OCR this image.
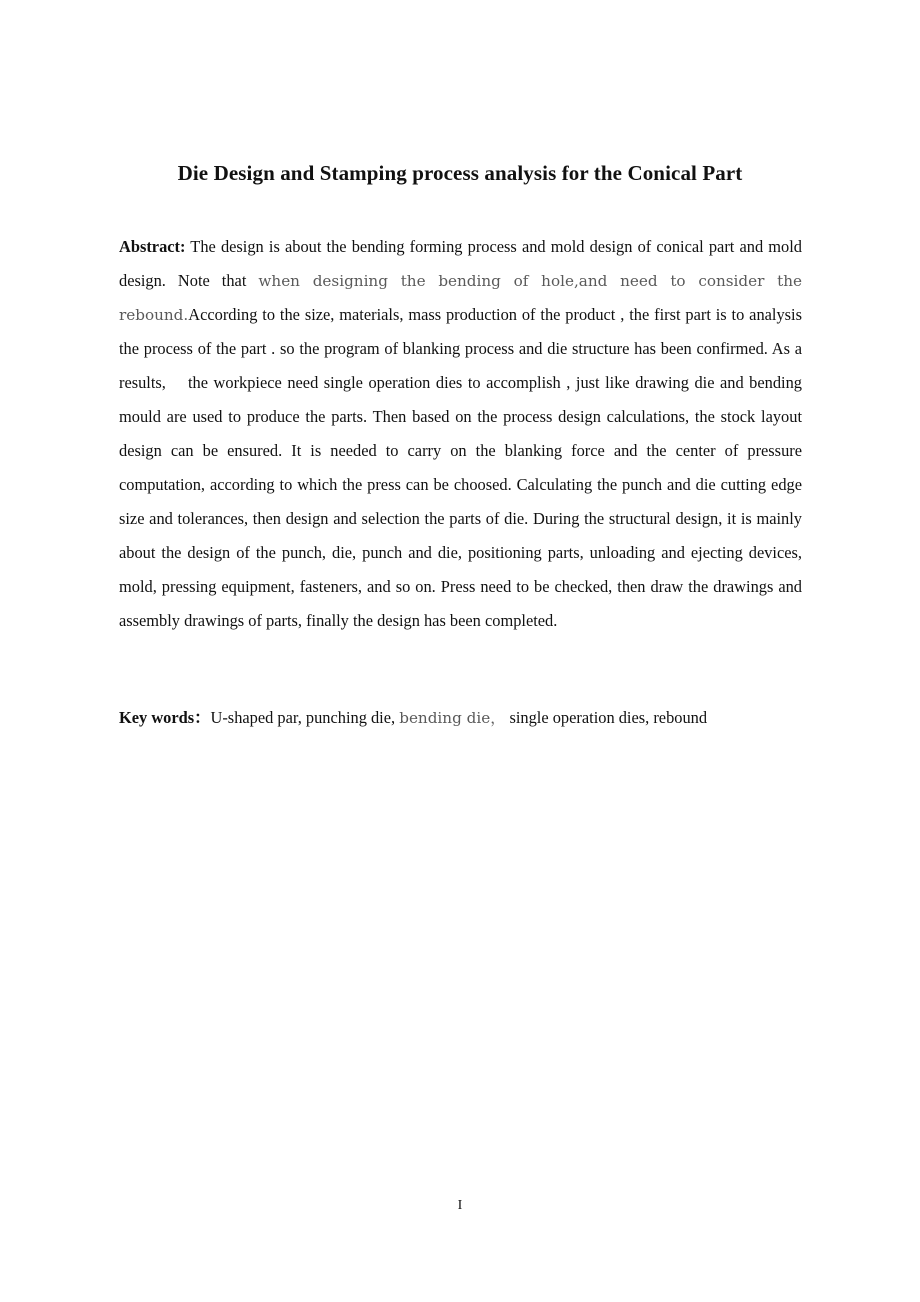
Die Design and Stamping process analysis for the Conical Part

Abstract: The design is about the bending forming process and mold design of conical part and mold design. Note that when designing the bending of hole,and need to consider the rebound.According to the size, materials, mass production of the product , the first part is to analysis the process of the part . so the program of blanking process and die structure has been confirmed. As a results,    the workpiece need single operation dies to accomplish , just like drawing die and bending mould are used to produce the parts. Then based on the process design calculations, the stock layout design can be ensured. It is needed to carry on the blanking force and the center of pressure computation, according to which the press can be choosed. Calculating the punch and die cutting edge size and tolerances, then design and selection the parts of die. During the structural design, it is mainly about the design of the punch, die, punch and die, positioning parts, unloading and ejecting devices, mold, pressing equipment, fasteners, and so on. Press need to be checked, then draw the drawings and assembly drawings of parts, finally the design has been completed.

Key words：U-shaped par, punching die, bending die， single operation dies, rebound

I
